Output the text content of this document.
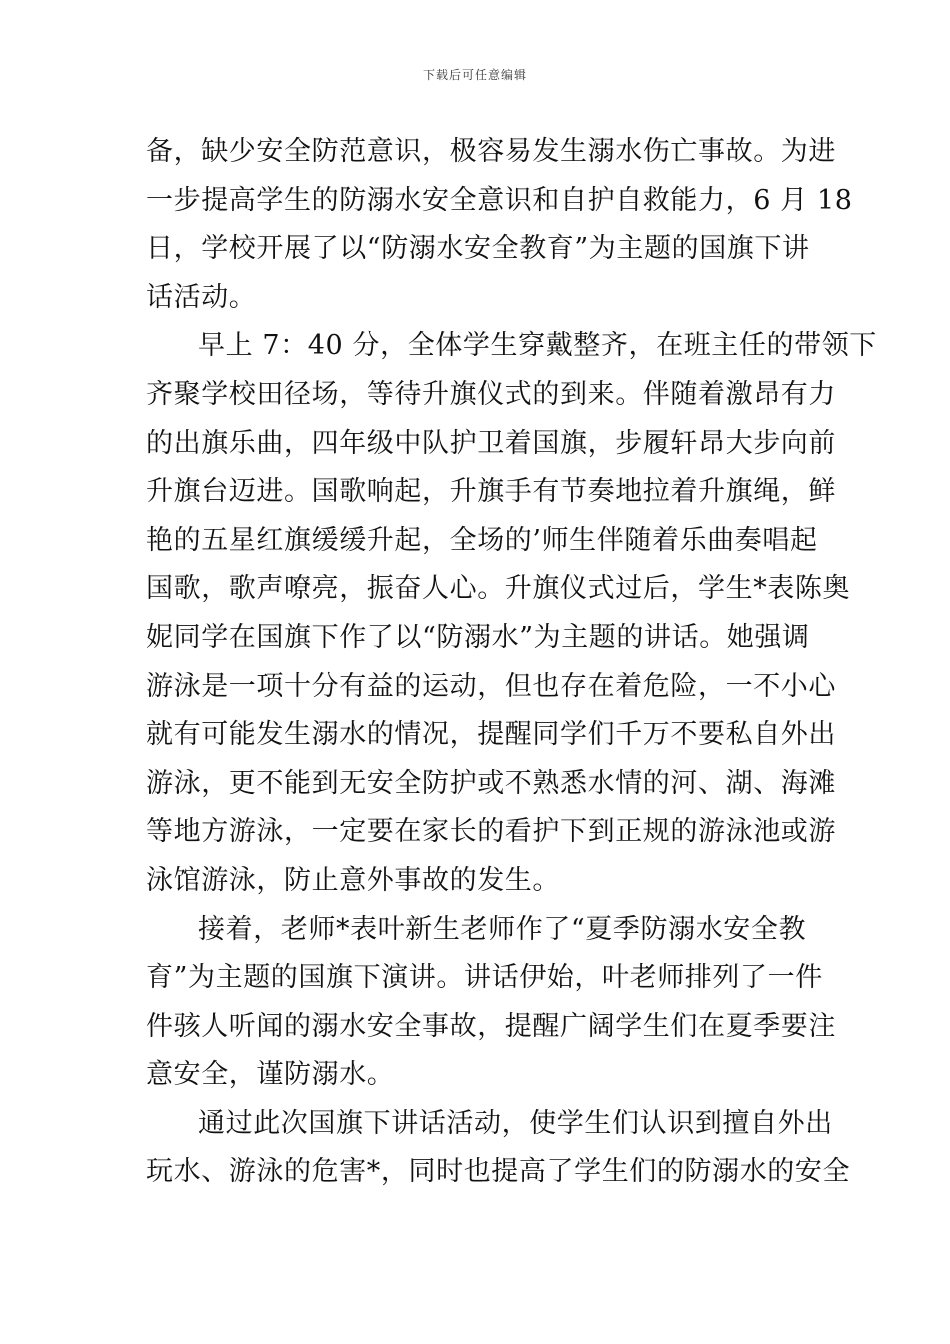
下载后可任意编辑
备，缺少安全防范意识，极容易发生溺水伤亡事故。为进
一步提高学生的防溺水安全意识和自护自救能力，6 月 18
日，学校开展了以“防溺水安全教育”为主题的国旗下讲
话活动。
早上 7：40 分，全体学生穿戴整齐，在班主任的带领下
齐聚学校田径场，等待升旗仪式的到来。伴随着激昂有力
的出旗乐曲，四年级中队护卫着国旗，步履轩昂大步向前
升旗台迈进。国歌响起，升旗手有节奏地拉着升旗绳，鲜
艳的五星红旗缓缓升起，全场的’师生伴随着乐曲奏唱起
国歌，歌声嘹亮，振奋人心。升旗仪式过后，学生*表陈奥
妮同学在国旗下作了以“防溺水”为主题的讲话。她强调
游泳是一项十分有益的运动，但也存在着危险，一不小心
就有可能发生溺水的情况，提醒同学们千万不要私自外出
游泳，更不能到无安全防护或不熟悉水情的河、湖、海滩
等地方游泳，一定要在家长的看护下到正规的游泳池或游
泳馆游泳，防止意外事故的发生。
接着，老师*表叶新生老师作了“夏季防溺水安全教
育”为主题的国旗下演讲。讲话伊始，叶老师排列了一件
件骇人听闻的溺水安全事故，提醒广阔学生们在夏季要注
意安全，谨防溺水。
通过此次国旗下讲话活动，使学生们认识到擅自外出
玩水、游泳的危害*，同时也提高了学生们的防溺水的安全
